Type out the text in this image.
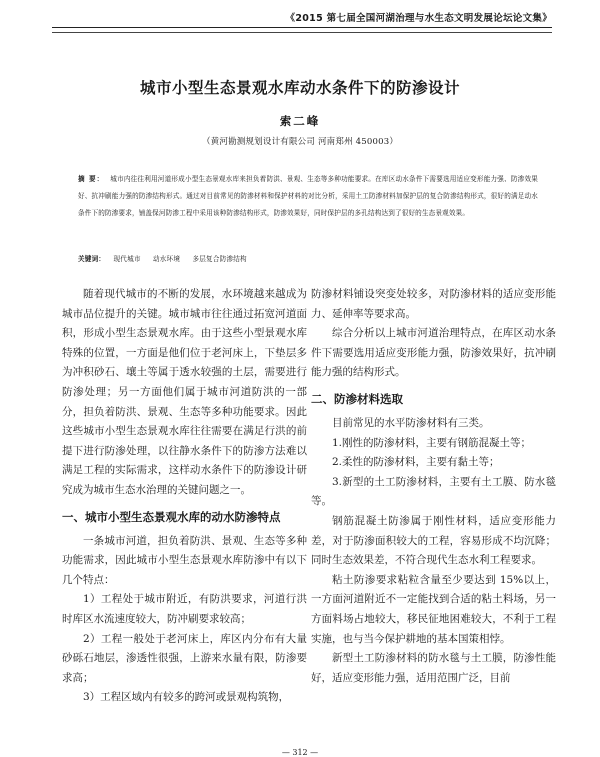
《2015 第七届全国河湖治理与水生态文明发展论坛论文集》
城市小型生态景观水库动水条件下的防渗设计
索二峰
（黄河勘测规划设计有限公司 河南郑州 450003）
摘 要： 城市内往往利用河道形成小型生态景观水库来担负着防洪、景观、生态等多种功能要求。在库区动水条件下需要选用适应变形能力强、防渗效果好、抗冲刷能力强的防渗结构形式。通过对目前常见的防渗材料和保护材料的对比分析，采用土工防渗材料加保护层的复合防渗结构形式，很好的满足动水条件下的防渗要求，铺盖保河防渗工程中采用该种防渗结构形式，防渗效果好，同时保护层的多孔结构达到了很好的生态景观效果。
关键词： 现代城市 动水环境 多层复合防渗结构

随着现代城市的不断的发展，水环境越来越成为城市品位提升的关键。城市城市往往通过拓宽河道面积，形成小型生态景观水库。由于这些小型景观水库特殊的位置，一方面是他们位于老河床上，下垫层多为冲积砂石、壤土等属于透水较强的土层，需要进行防渗处理；另一方面他们属于城市河道防洪的一部分，担负着防洪、景观、生态等多种功能要求。因此这些城市小型生态景观水库往往需要在满足行洪的前提下进行防渗处理，以往静水条件下的防渗方法难以满足工程的实际需求，这样动水条件下的防渗设计研究成为城市生态水治理的关键问题之一。

一、城市小型生态景观水库的动水防渗特点

一条城市河道，担负着防洪、景观、生态等多种功能需求，因此城市小型生态景观水库防渗中有以下几个特点：

1）工程处于城市附近，有防洪要求，河道行洪时库区水流速度较大，防冲刷要求较高；

2）工程一般处于老河床上，库区内分布有大量砂砾石地层，渗透性很强，上游来水量有限，防渗要求高；

3）工程区域内有较多的跨河或景观构筑物，

防渗材料铺设突变处较多，对防渗材料的适应变形能力、延伸率等要求高。

综合分析以上城市河道治理特点，在库区动水条件下需要选用适应变形能力强，防渗效果好，抗冲刷能力强的结构形式。

二、防渗材料选取

目前常见的水平防渗材料有三类。

1.刚性的防渗材料，主要有钢筋混凝土等；

2.柔性的防渗材料，主要有黏土等；

3.新型的土工防渗材料，主要有土工膜、防水毯等。

钢筋混凝土防渗属于刚性材料，适应变形能力差，对于防渗面积较大的工程，容易形成不均沉降；同时生态效果差，不符合现代生态水利工程要求。

粘土防渗要求粘粒含量至少要达到 15%以上，一方面河道附近不一定能找到合适的粘土料场，另一方面料场占地较大，移民征地困难较大，不利于工程实施，也与当今保护耕地的基本国策相悖。

新型土工防渗材料的防水毯与土工膜，防渗性能好，适应变形能力强，适用范围广泛，目前

— 312 —
